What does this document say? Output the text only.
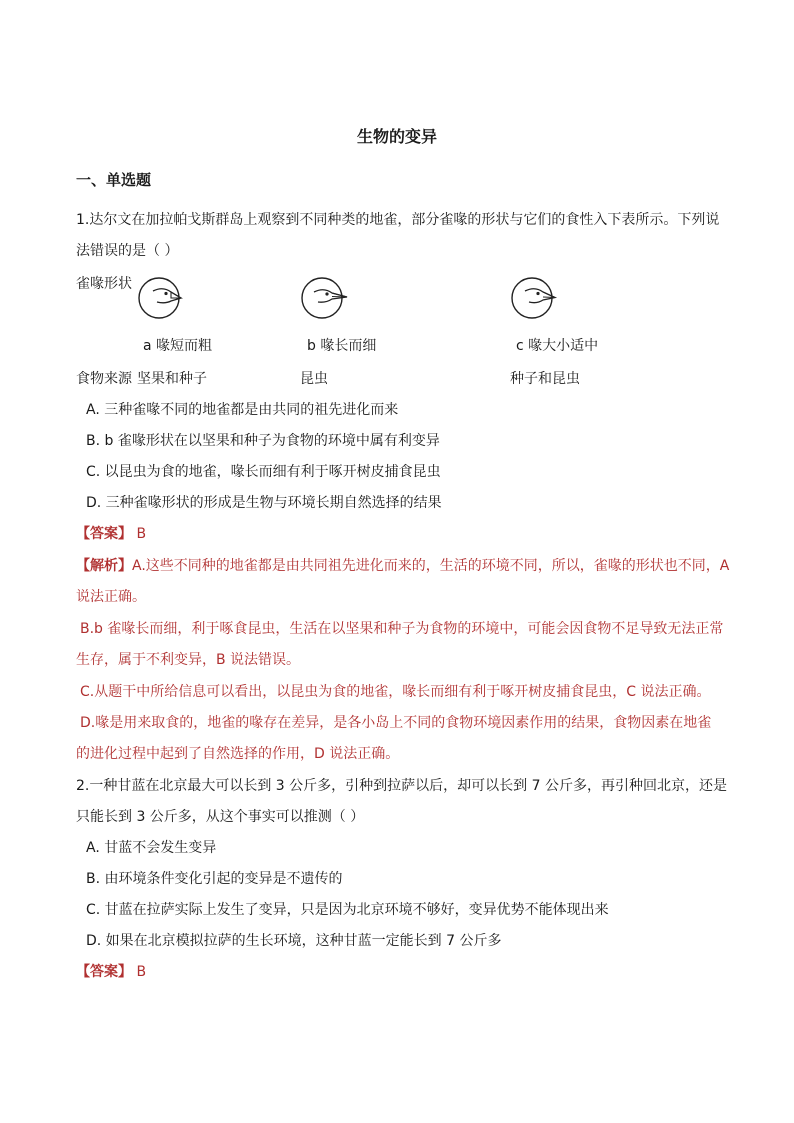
生物的变异
一、单选题
1.达尔文在加拉帕戈斯群岛上观察到不同种类的地雀，部分雀喙的形状与它们的食性入下表所示。下列说
法错误的是（ ）
雀喙形状
a 喙短而粗	b 喙长而细	c 喙大小适中
食物来源 坚果和种子	昆虫	种子和昆虫
A. 三种雀喙不同的地雀都是由共同的祖先进化而来
B. b 雀喙形状在以坚果和种子为食物的环境中属有利变异
C. 以昆虫为食的地雀，喙长而细有利于啄开树皮捕食昆虫
D. 三种雀喙形状的形成是生物与环境长期自然选择的结果
【答案】 B
【解析】A.这些不同种的地雀都是由共同祖先进化而来的，生活的环境不同，所以，雀喙的形状也不同，A
说法正确。
B.b 雀喙长而细，利于啄食昆虫，生活在以坚果和种子为食物的环境中，可能会因食物不足导致无法正常
生存，属于不利变异，B 说法错误。
C.从题干中所给信息可以看出，以昆虫为食的地雀，喙长而细有利于啄开树皮捕食昆虫，C 说法正确。
D.喙是用来取食的，地雀的喙存在差异，是各小岛上不同的食物环境因素作用的结果，食物因素在地雀
的进化过程中起到了自然选择的作用，D 说法正确。
2.一种甘蓝在北京最大可以长到 3 公斤多，引种到拉萨以后，却可以长到 7 公斤多，再引种回北京，还是
只能长到 3 公斤多，从这个事实可以推测（ ）
A. 甘蓝不会发生变异
B. 由环境条件变化引起的变异是不遗传的
C. 甘蓝在拉萨实际上发生了变异，只是因为北京环境不够好，变异优势不能体现出来
D. 如果在北京模拟拉萨的生长环境，这种甘蓝一定能长到 7 公斤多
【答案】 B
